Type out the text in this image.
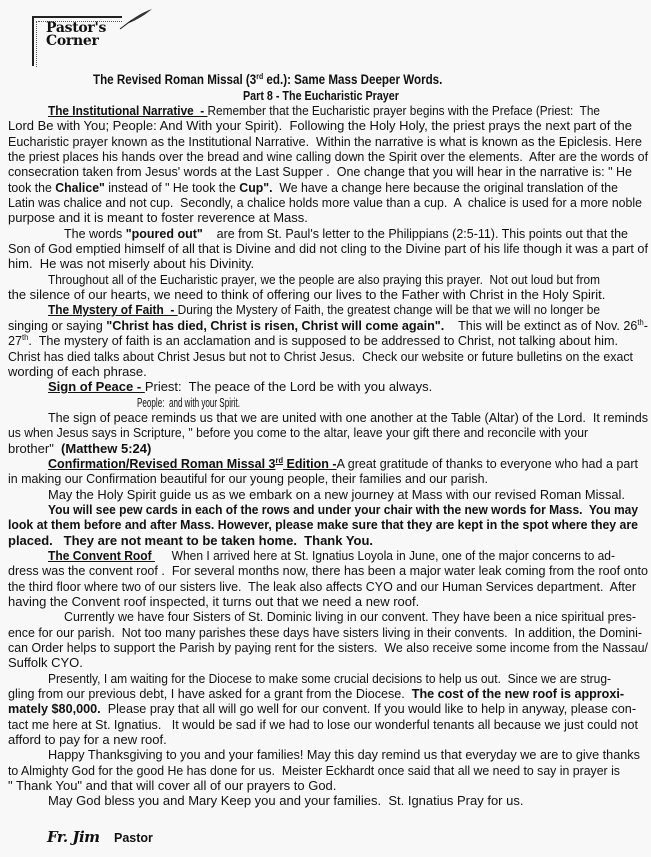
Pastor's
Corner
The Revised Roman Missal (3rd ed.): Same Mass Deeper Words.
Part 8 - The Eucharistic Prayer
The Institutional Narrative  - Remember that the Eucharistic prayer begins with the Preface (Priest:  The
Lord Be with You; People: And With your Spirit).  Following the Holy Holy, the priest prays the next part of the
Eucharistic prayer known as the Institutional Narrative.  Within the narrative is what is known as the Epiclesis. Here
the priest places his hands over the bread and wine calling down the Spirit over the elements.  After are the words of
consecration taken from Jesus' words at the Last Supper .  One change that you will hear in the narrative is: " He
took the Chalice" instead of " He took the Cup".  We have a change here because the original translation of the
Latin was chalice and not cup.  Secondly, a chalice holds more value than a cup.  A  chalice is used for a more noble
purpose and it is meant to foster reverence at Mass.
The words "poured out"    are from St. Paul's letter to the Philippians (2:5-11). This points out that the
Son of God emptied himself of all that is Divine and did not cling to the Divine part of his life though it was a part of
him.  He was not miserly about his Divinity.
Throughout all of the Eucharistic prayer, we the people are also praying this prayer.  Not out loud but from
the silence of our hearts, we need to think of offering our lives to the Father with Christ in the Holy Spirit.
The Mystery of Faith  - During the Mystery of Faith, the greatest change will be that we will no longer be
singing or saying "Christ has died, Christ is risen, Christ will come again".    This will be extinct as of Nov. 26th-
27th.  The mystery of faith is an acclamation and is supposed to be addressed to Christ, not talking about him.
Christ has died talks about Christ Jesus but not to Christ Jesus.  Check our website or future bulletins on the exact
wording of each phrase.
Sign of Peace - Priest:  The peace of the Lord be with you always.
People:  and with your Spirit.
The sign of peace reminds us that we are united with one another at the Table (Altar) of the Lord.  It reminds
us when Jesus says in Scripture, " before you come to the altar, leave your gift there and reconcile with your
brother"  (Matthew 5:24)
Confirmation/Revised Roman Missal 3rd Edition -A great gratitude of thanks to everyone who had a part
in making our Confirmation beautiful for our young people, their families and our parish.
May the Holy Spirit guide us as we embark on a new journey at Mass with our revised Roman Missal.
You will see pew cards in each of the rows and under your chair with the new words for Mass.  You may
look at them before and after Mass. However, please make sure that they are kept in the spot where they are
placed.   They are not meant to be taken home.  Thank You.
The Convent Roof      When I arrived here at St. Ignatius Loyola in June, one of the major concerns to ad-
dress was the convent roof .  For several months now, there has been a major water leak coming from the roof onto
the third floor where two of our sisters live.  The leak also affects CYO and our Human Services department.  After
having the Convent roof inspected, it turns out that we need a new roof.
Currently we have four Sisters of St. Dominic living in our convent. They have been a nice spiritual pres-
ence for our parish.  Not too many parishes these days have sisters living in their convents.  In addition, the Domini-
can Order helps to support the Parish by paying rent for the sisters.  We also receive some income from the Nassau/
Suffolk CYO.
Presently, I am waiting for the Diocese to make some crucial decisions to help us out.  Since we are strug-
gling from our previous debt, I have asked for a grant from the Diocese.  The cost of the new roof is approxi-
mately $80,000.  Please pray that all will go well for our convent. If you would like to help in anyway, please con-
tact me here at St. Ignatius.   It would be sad if we had to lose our wonderful tenants all because we just could not
afford to pay for a new roof.
Happy Thanksgiving to you and your families! May this day remind us that everyday we are to give thanks
to Almighty God for the good He has done for us.  Meister Eckhardt once said that all we need to say in prayer is
" Thank You" and that will cover all of our prayers to God.
May God bless you and Mary Keep you and your families.  St. Ignatius Pray for us.
Fr. Jim Pastor
